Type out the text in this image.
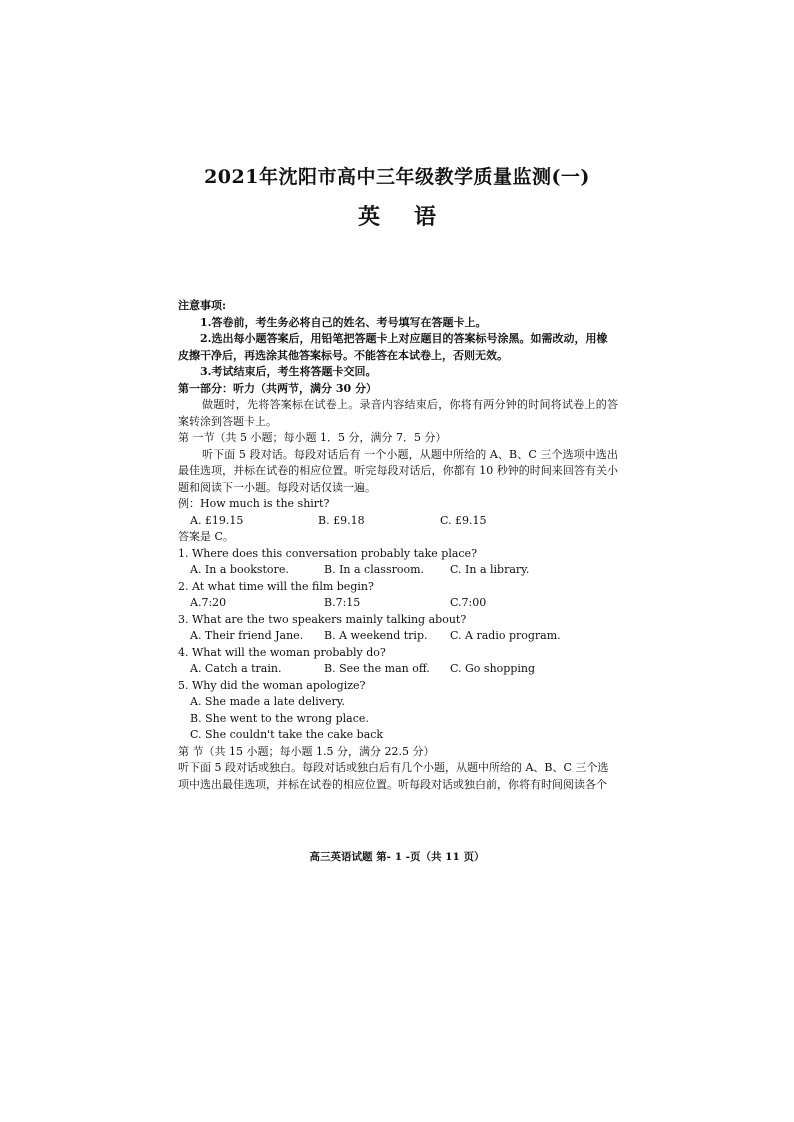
2021年沈阳市高中三年级教学质量监测(一)
英语
注意事项:
1.答卷前，考生务必将自己的姓名、考号填写在答题卡上。
2.选出每小题答案后，用铅笔把答题卡上对应题目的答案标号涂黑。如需改动，用橡
皮擦干净后，再选涂其他答案标号。不能答在本试卷上，否则无效。
3.考试结束后，考生将答题卡交回。
第一部分：听力（共两节，满分 30 分）
做题时，先将答案标在试卷上。录音内容结束后，你将有两分钟的时间将试卷上的答案转涂到答题卡上。
第 一节（共 5 小题；每小题 1．5 分，满分 7．5 分）
听下面 5 段对话。每段对话后有 一个小题，从题中所给的 A、B、C 三个选项中选出最佳选项，并标在试卷的相应位置。听完每段对话后，你都有 10 秒钟的时间来回答有关小题和阅读下一小题。每段对话仅读一遍。
例：How much is the shirt?
A. £19.15	B. £9.18	C. £9.15
答案是 C。
1. Where does this conversation probably take place?
A. In a bookstore.	B. In a classroom.	C. In a library.
2. At what time will the film begin?
A.7:20	B.7:15	C.7:00
3. What are the two speakers mainly talking about?
A. Their friend Jane.	B. A weekend trip.	C. A radio program.
4. What will the woman probably do?
A. Catch a train.	B. See the man off.	C. Go shopping
5. Why did the woman apologize?
A. She made a late delivery.
B. She went to the wrong place.
C. She couldn't take the cake back
第 节（共 15 小题；每小题 1.5 分，满分 22.5 分）
听下面 5 段对话或独白。每段对话或独白后有几个小题，从题中所给的 A、B、C 三个选
项中选出最佳选项，并标在试卷的相应位置。听每段对话或独白前，你将有时间阅读各个
高三英语试题 第- 1 -页（共 11 页）
